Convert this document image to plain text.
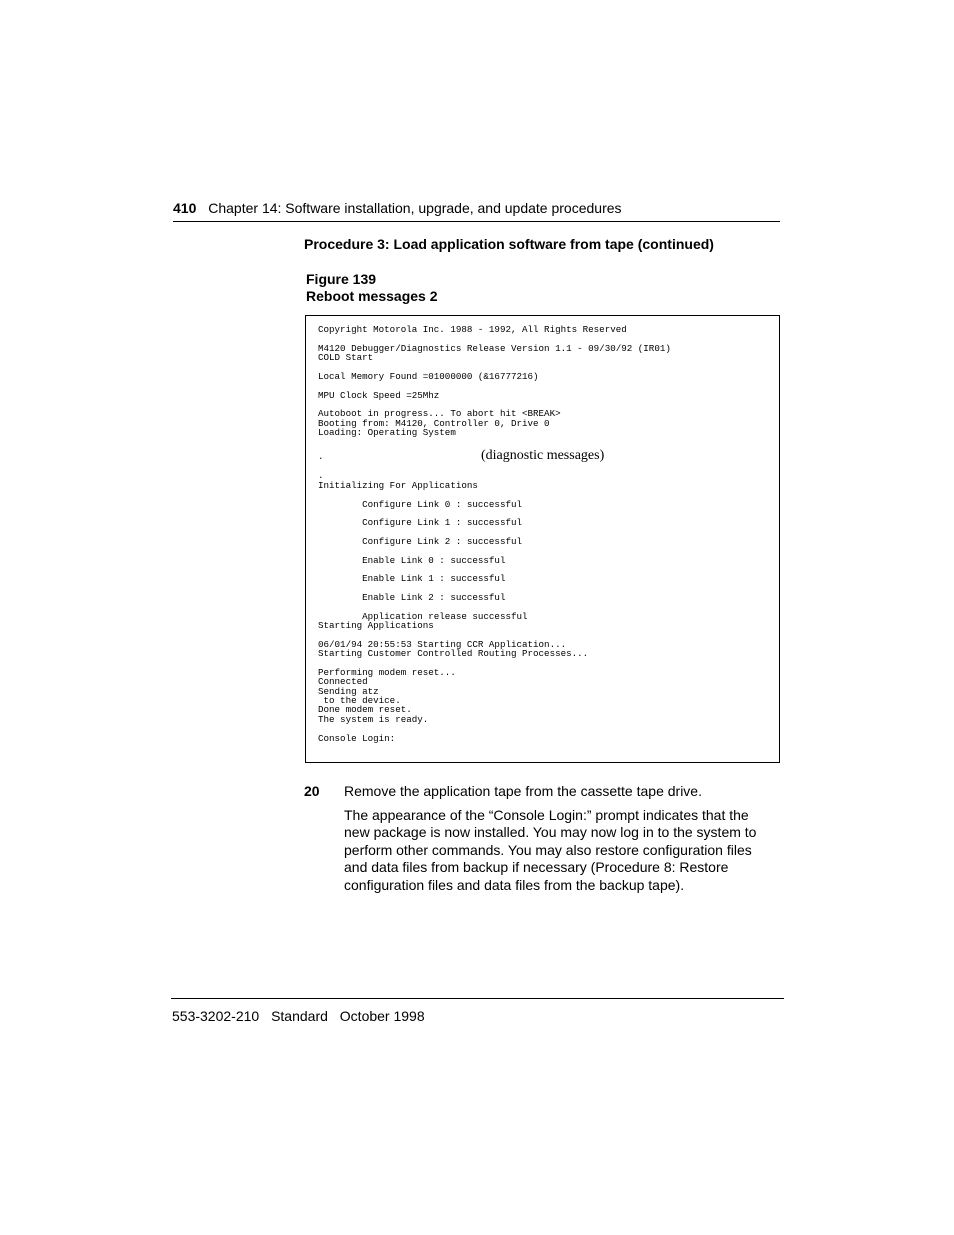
410 Chapter 14: Software installation, upgrade, and update procedures
Procedure 3: Load application software from tape (continued)
Figure 139
Reboot messages 2
Copyright Motorola Inc. 1988 - 1992, All Rights Reserved
M4120 Debugger/Diagnostics Release Version 1.1 - 09/30/92 (IR01)
COLD Start
Local Memory Found =01000000 (&16777216)
MPU Clock Speed =25Mhz
Autoboot in progress... To abort hit <BREAK>
Booting from: M4120, Controller 0, Drive 0
Loading: Operating System
.	(diagnostic messages)
.
Initializing For Applications
Configure Link 0 : successful
Configure Link 1 : successful
Configure Link 2 : successful
Enable Link 0 : successful
Enable Link 1 : successful
Enable Link 2 : successful
Application release successful
Starting Applications
06/01/94 20:55:53 Starting CCR Application...
Starting Customer Controlled Routing Processes...
Performing modem reset...
Connected
Sending atz
to the device.
Done modem reset.
The system is ready.
Console Login:
20 Remove the application tape from the cassette tape drive.
The appearance of the “Console Login:” prompt indicates that the
new package is now installed. You may now log in to the system to
perform other commands. You may also restore configuration files
and data files from backup if necessary (Procedure 8: Restore
configuration files and data files from the backup tape).
553-3202-210 Standard October 1998
